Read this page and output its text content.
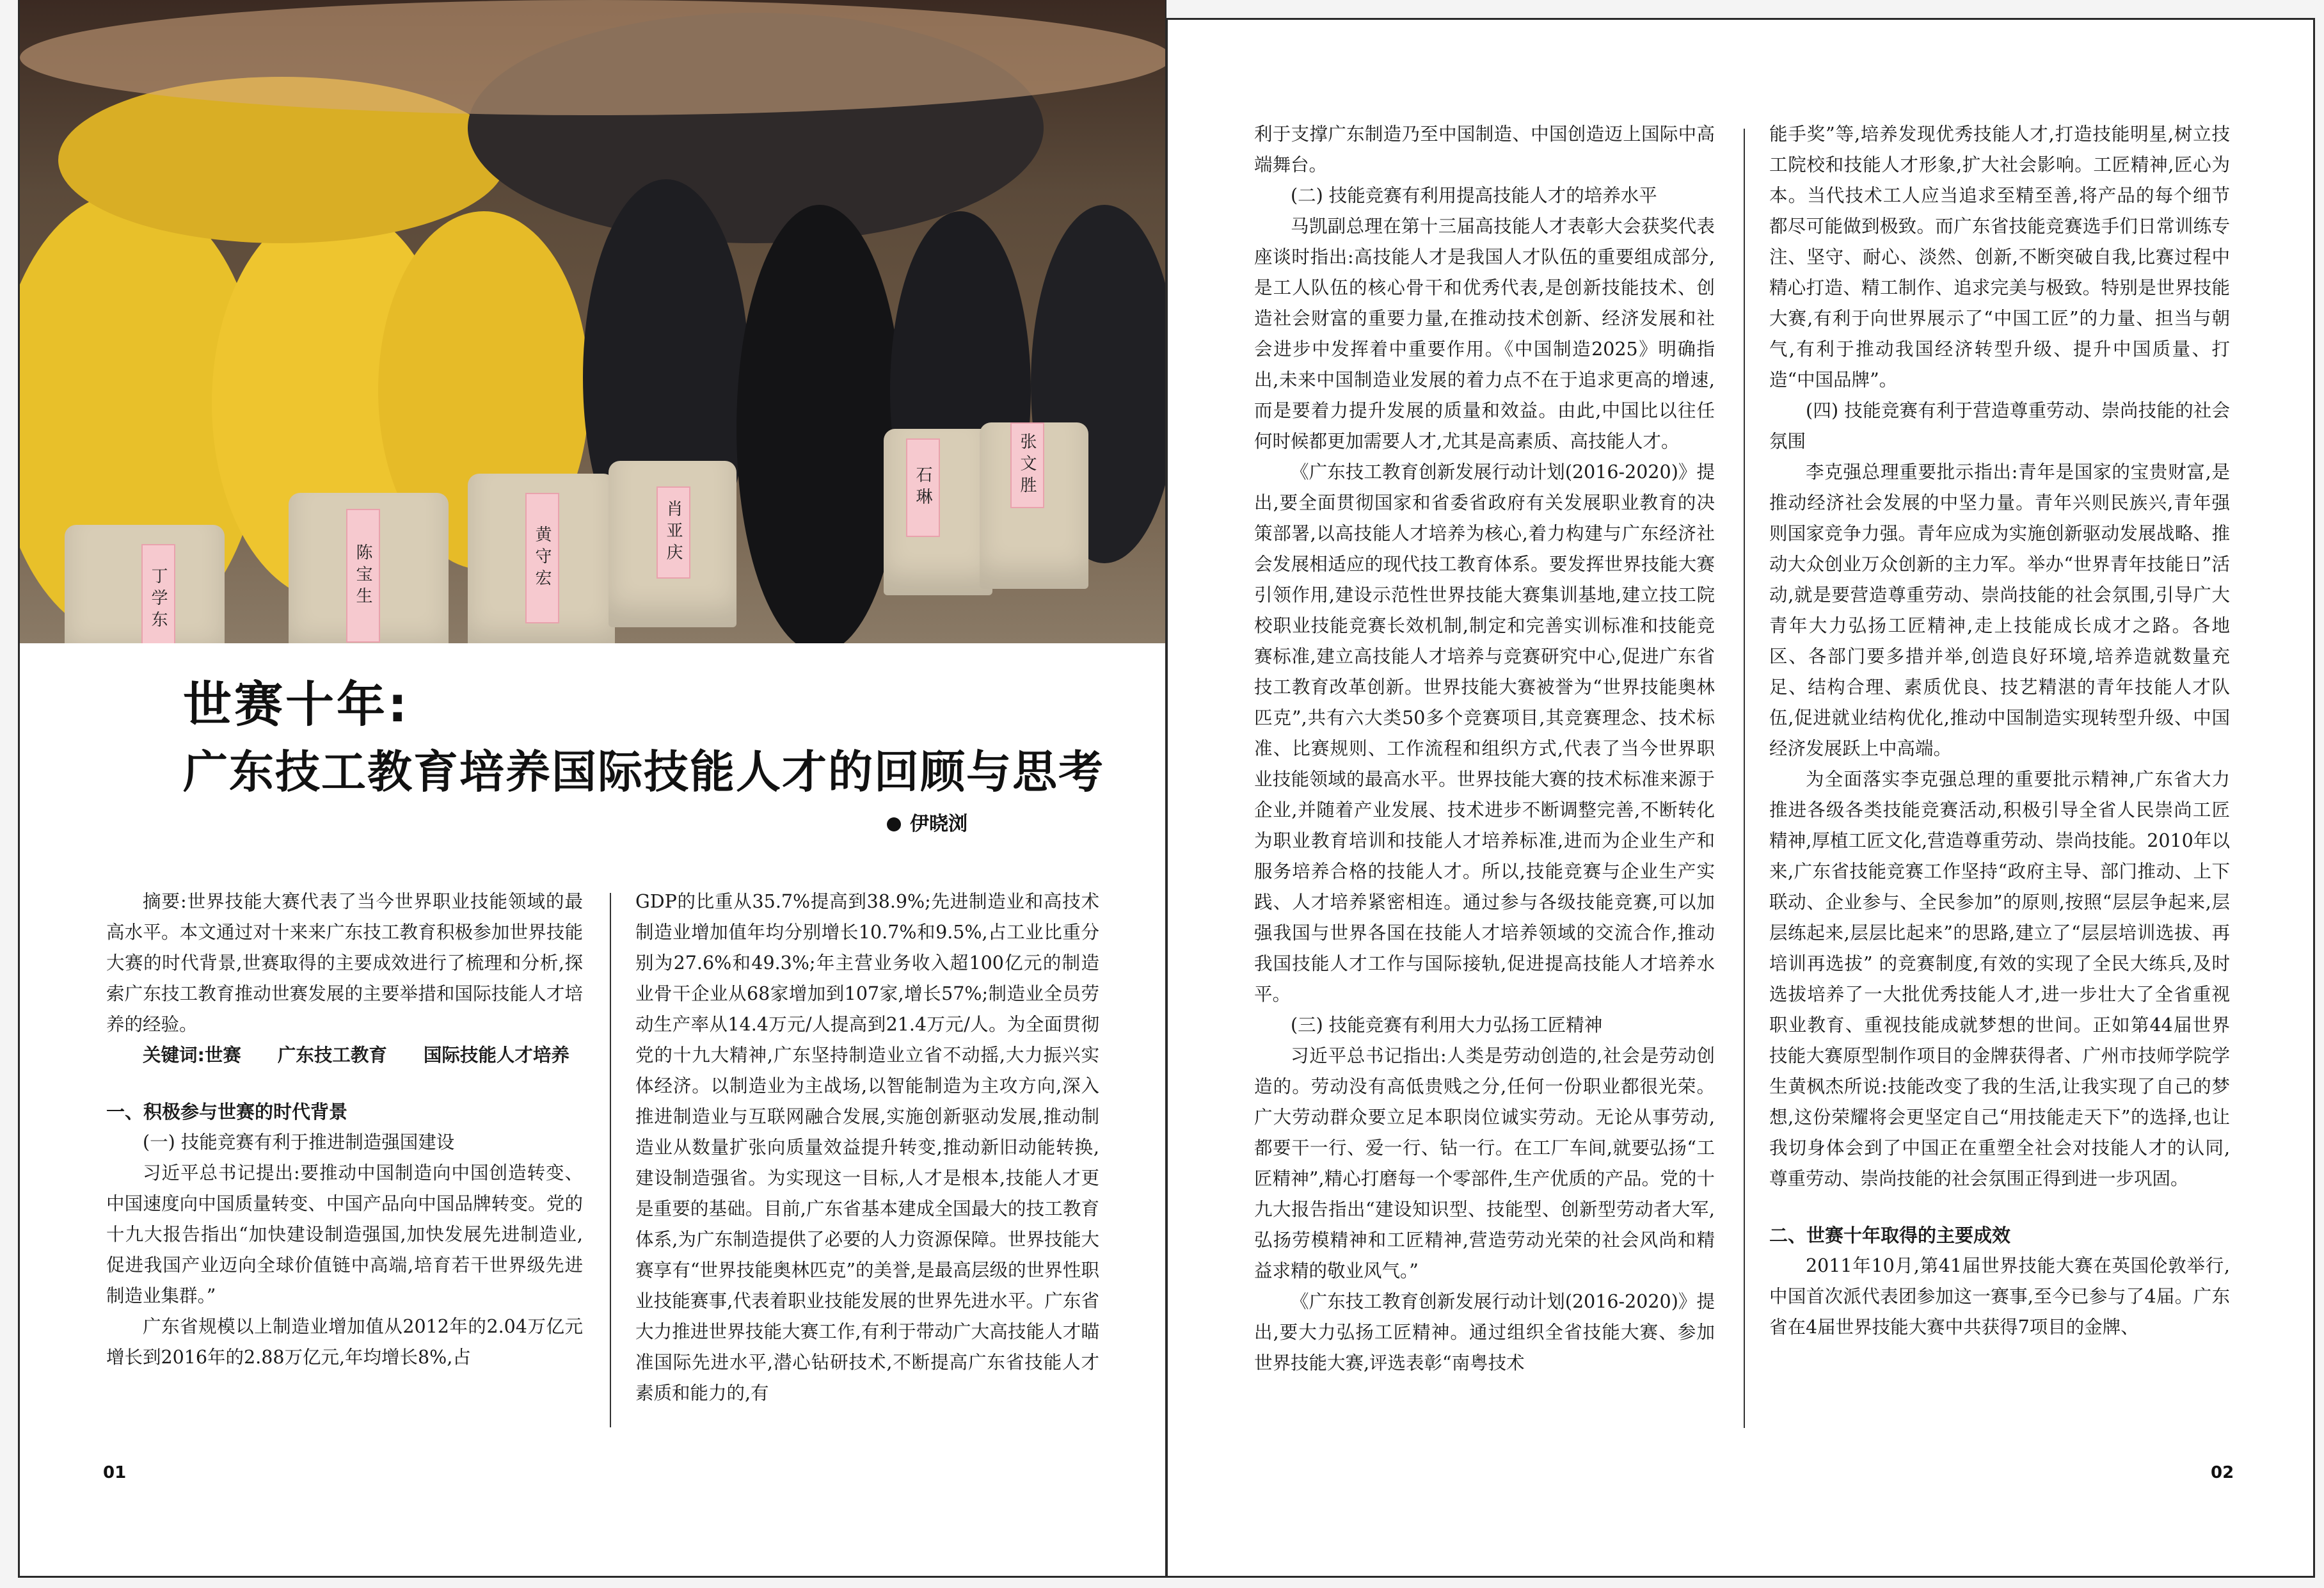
丁学东	陈宝生	黄守宏	肖亚庆
石琳	张文胜
世赛十年:
广东技工教育培养国际技能人才的回顾与思考
伊晓浏

摘要:世界技能大赛代表了当今世界职业技能领域的最高水平。本文通过对十来来广东技工教育积极参加世界技能大赛的时代背景,世赛取得的主要成效进行了梳理和分析,探索广东技工教育推动世赛发展的主要举措和国际技能人才培养的经验。

关键词:世赛　　广东技工教育　　国际技能人才培养

一、积极参与世赛的时代背景

(一) 技能竞赛有利于推进制造强国建设

习近平总书记提出:要推动中国制造向中国创造转变、中国速度向中国质量转变、中国产品向中国品牌转变。党的十九大报告指出“加快建设制造强国,加快发展先进制造业,促进我国产业迈向全球价值链中高端,培育若干世界级先进制造业集群。”

广东省规模以上制造业增加值从2012年的2.04万亿元增长到2016年的2.88万亿元,年均增长8%,占

GDP的比重从35.7%提高到38.9%;先进制造业和高技术制造业增加值年均分别增长10.7%和9.5%,占工业比重分别为27.6%和49.3%;年主营业务收入超100亿元的制造业骨干企业从68家增加到107家,增长57%;制造业全员劳动生产率从14.4万元/人提高到21.4万元/人。为全面贯彻党的十九大精神,广东坚持制造业立省不动摇,大力振兴实体经济。以制造业为主战场,以智能制造为主攻方向,深入推进制造业与互联网融合发展,实施创新驱动发展,推动制造业从数量扩张向质量效益提升转变,推动新旧动能转换,建设制造强省。为实现这一目标,人才是根本,技能人才更是重要的基础。目前,广东省基本建成全国最大的技工教育体系,为广东制造提供了必要的人力资源保障。世界技能大赛享有“世界技能奥林匹克”的美誉,是最高层级的世界性职业技能赛事,代表着职业技能发展的世界先进水平。广东省大力推进世界技能大赛工作,有利于带动广大高技能人才瞄准国际先进水平,潜心钻研技术,不断提高广东省技能人才素质和能力的,有

01

利于支撑广东制造乃至中国制造、中国创造迈上国际中高端舞台。

(二) 技能竞赛有利用提高技能人才的培养水平

马凯副总理在第十三届高技能人才表彰大会获奖代表座谈时指出:高技能人才是我国人才队伍的重要组成部分,是工人队伍的核心骨干和优秀代表,是创新技能技术、创造社会财富的重要力量,在推动技术创新、经济发展和社会进步中发挥着中重要作用。《中国制造2025》明确指出,未来中国制造业发展的着力点不在于追求更高的增速,而是要着力提升发展的质量和效益。由此,中国比以往任何时候都更加需要人才,尤其是高素质、高技能人才。

《广东技工教育创新发展行动计划(2016-2020)》提出,要全面贯彻国家和省委省政府有关发展职业教育的决策部署,以高技能人才培养为核心,着力构建与广东经济社会发展相适应的现代技工教育体系。要发挥世界技能大赛引领作用,建设示范性世界技能大赛集训基地,建立技工院校职业技能竞赛长效机制,制定和完善实训标准和技能竞赛标准,建立高技能人才培养与竞赛研究中心,促进广东省技工教育改革创新。世界技能大赛被誉为“世界技能奥林匹克”,共有六大类50多个竞赛项目,其竞赛理念、技术标准、比赛规则、工作流程和组织方式,代表了当今世界职业技能领域的最高水平。世界技能大赛的技术标准来源于企业,并随着产业发展、技术进步不断调整完善,不断转化为职业教育培训和技能人才培养标准,进而为企业生产和服务培养合格的技能人才。所以,技能竞赛与企业生产实践、人才培养紧密相连。通过参与各级技能竞赛,可以加强我国与世界各国在技能人才培养领域的交流合作,推动我国技能人才工作与国际接轨,促进提高技能人才培养水平。

(三) 技能竞赛有利用大力弘扬工匠精神

习近平总书记指出:人类是劳动创造的,社会是劳动创造的。劳动没有高低贵贱之分,任何一份职业都很光荣。广大劳动群众要立足本职岗位诚实劳动。无论从事劳动,都要干一行、爱一行、钻一行。在工厂车间,就要弘扬“工匠精神”,精心打磨每一个零部件,生产优质的产品。党的十九大报告指出“建设知识型、技能型、创新型劳动者大军,弘扬劳模精神和工匠精神,营造劳动光荣的社会风尚和精益求精的敬业风气。”

《广东技工教育创新发展行动计划(2016-2020)》提出,要大力弘扬工匠精神。通过组织全省技能大赛、参加世界技能大赛,评选表彰“南粤技术

能手奖”等,培养发现优秀技能人才,打造技能明星,树立技工院校和技能人才形象,扩大社会影响。工匠精神,匠心为本。当代技术工人应当追求至精至善,将产品的每个细节都尽可能做到极致。而广东省技能竞赛选手们日常训练专注、坚守、耐心、淡然、创新,不断突破自我,比赛过程中精心打造、精工制作、追求完美与极致。特别是世界技能大赛,有利于向世界展示了“中国工匠”的力量、担当与朝气,有利于推动我国经济转型升级、提升中国质量、打造“中国品牌”。

(四) 技能竞赛有利于营造尊重劳动、崇尚技能的社会氛围

李克强总理重要批示指出:青年是国家的宝贵财富,是推动经济社会发展的中坚力量。青年兴则民族兴,青年强则国家竞争力强。青年应成为实施创新驱动发展战略、推动大众创业万众创新的主力军。举办“世界青年技能日”活动,就是要营造尊重劳动、崇尚技能的社会氛围,引导广大青年大力弘扬工匠精神,走上技能成长成才之路。各地区、各部门要多措并举,创造良好环境,培养造就数量充足、结构合理、素质优良、技艺精湛的青年技能人才队伍,促进就业结构优化,推动中国制造实现转型升级、中国经济发展跃上中高端。

为全面落实李克强总理的重要批示精神,广东省大力推进各级各类技能竞赛活动,积极引导全省人民崇尚工匠精神,厚植工匠文化,营造尊重劳动、崇尚技能。2010年以来,广东省技能竞赛工作坚持“政府主导、部门推动、上下联动、企业参与、全民参加”的原则,按照“层层争起来,层层练起来,层层比起来”的思路,建立了“层层培训选拔、再培训再选拔” 的竞赛制度,有效的实现了全民大练兵,及时选拔培养了一大批优秀技能人才,进一步壮大了全省重视职业教育、重视技能成就梦想的世间。正如第44届世界技能大赛原型制作项目的金牌获得者、广州市技师学院学生黄枫杰所说:技能改变了我的生活,让我实现了自己的梦想,这份荣耀将会更坚定自己“用技能走天下”的选择,也让我切身体会到了中国正在重塑全社会对技能人才的认同,尊重劳动、崇尚技能的社会氛围正得到进一步巩固。

二、世赛十年取得的主要成效

2011年10月,第41届世界技能大赛在英国伦敦举行,中国首次派代表团参加这一赛事,至今已参与了4届。广东省在4届世界技能大赛中共获得7项目的金牌、

02
